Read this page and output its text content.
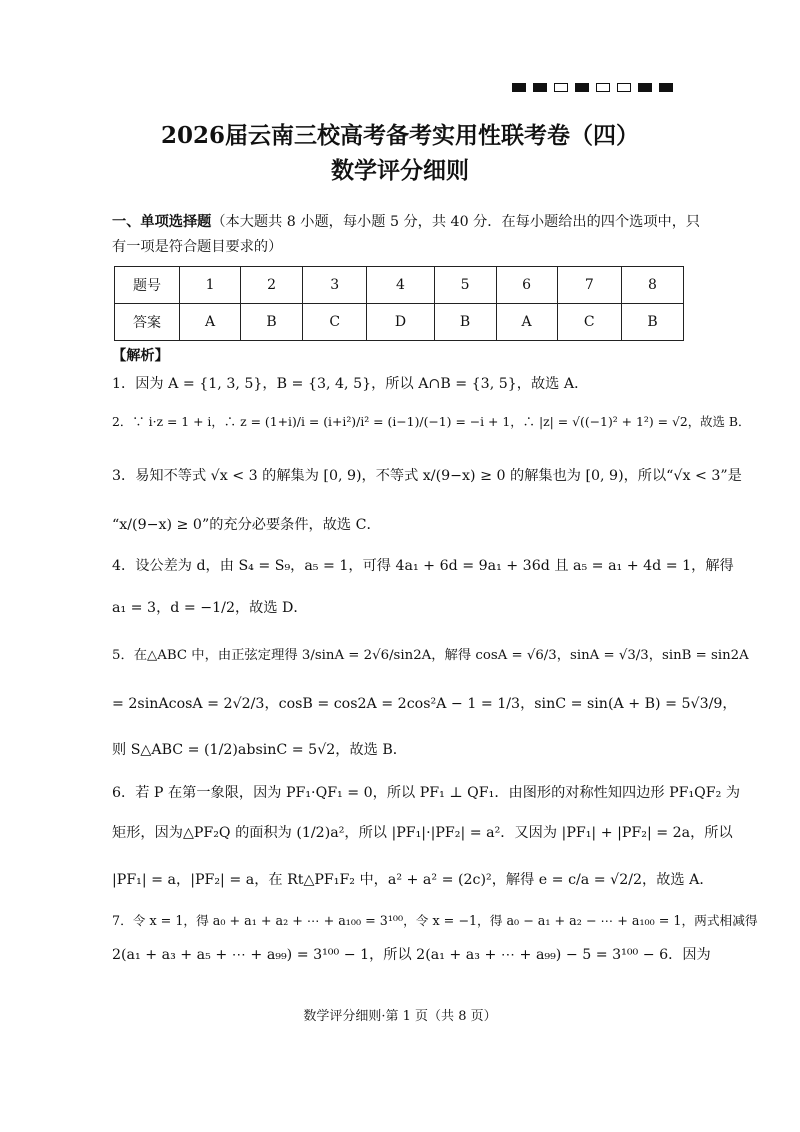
2026届云南三校高考备考实用性联考卷（四）
数学评分细则
一、单项选择题（本大题共 8 小题，每小题 5 分，共 40 分．在每小题给出的四个选项中，只
有一项是符合题目要求的）
题号	1	2	3	4	5	6	7	8
答案	A	B	C	D	B	A	C	B
【解析】
1．因为 A = {1, 3, 5}，B = {3, 4, 5}，所以 A∩B = {3, 5}，故选 A．
2．∵ i·z = 1 + i，∴ z = (1+i)/i = (i+i²)/i² = (i−1)/(−1) = −i + 1，∴ |z| = √((−1)² + 1²) = √2，故选 B．
3．易知不等式 √x < 3 的解集为 [0, 9)，不等式 x/(9−x) ≥ 0 的解集也为 [0, 9)，所以“√x < 3”是
“x/(9−x) ≥ 0”的充分必要条件，故选 C．
4．设公差为 d，由 S₄ = S₉，a₅ = 1，可得 4a₁ + 6d = 9a₁ + 36d 且 a₅ = a₁ + 4d = 1，解得
a₁ = 3，d = −1/2，故选 D．
5．在△ABC 中，由正弦定理得 3/sinA = 2√6/sin2A，解得 cosA = √6/3，sinA = √3/3，sinB = sin2A
= 2sinAcosA = 2√2/3，cosB = cos2A = 2cos²A − 1 = 1/3，sinC = sin(A + B) = 5√3/9，
则 S△ABC = (1/2)absinC = 5√2，故选 B．
6．若 P 在第一象限，因为 PF₁·QF₁ = 0，所以 PF₁ ⊥ QF₁．由图形的对称性知四边形 PF₁QF₂ 为
矩形，因为△PF₂Q 的面积为 (1/2)a²，所以 |PF₁|·|PF₂| = a²．又因为 |PF₁| + |PF₂| = 2a，所以
|PF₁| = a，|PF₂| = a，在 Rt△PF₁F₂ 中，a² + a² = (2c)²，解得 e = c/a = √2/2，故选 A．
7．令 x = 1，得 a₀ + a₁ + a₂ + ⋯ + a₁₀₀ = 3¹⁰⁰，令 x = −1，得 a₀ − a₁ + a₂ − ⋯ + a₁₀₀ = 1，两式相减得
2(a₁ + a₃ + a₅ + ⋯ + a₉₉) = 3¹⁰⁰ − 1，所以 2(a₁ + a₃ + ⋯ + a₉₉) − 5 = 3¹⁰⁰ − 6．因为
数学评分细则·第 1 页（共 8 页）
